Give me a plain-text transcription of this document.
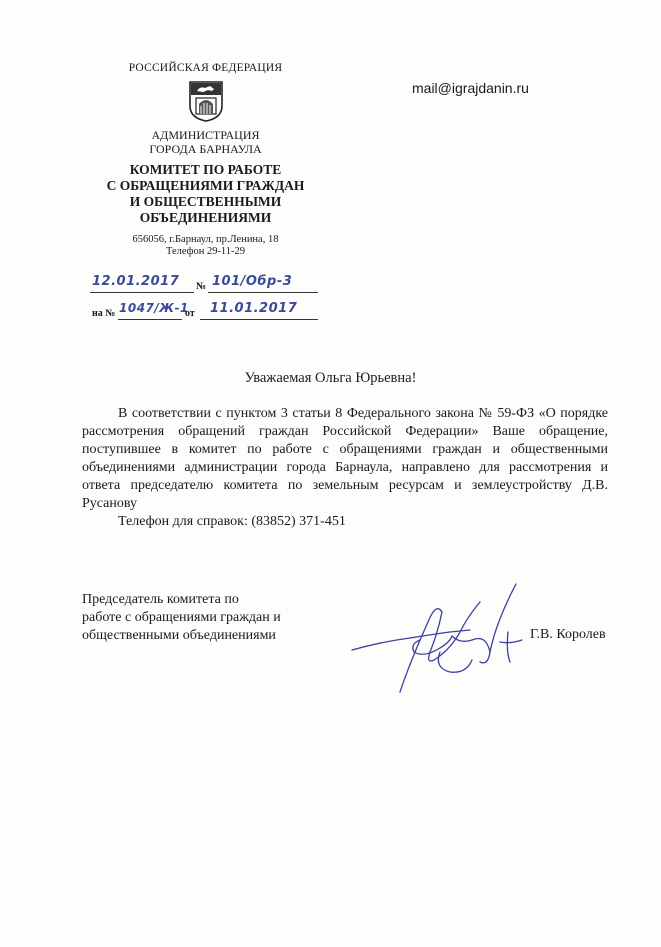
РОССИЙСКАЯ ФЕДЕРАЦИЯ
АДМИНИСТРАЦИЯ
ГОРОДА БАРНАУЛА
КОМИТЕТ ПО РАБОТЕ
С ОБРАЩЕНИЯМИ ГРАЖДАН
И ОБЩЕСТВЕННЫМИ
ОБЪЕДИНЕНИЯМИ
656056, г.Барнаул, пр.Ленина, 18
Телефон 29-11-29
mail@igrajdanin.ru
12.01.2017 № 101/Обр-3
на № 1047/Ж-1
от 11.01.2017
Уважаемая Ольга Юрьевна!

В соответствии с пунктом 3 статьи 8 Федерального закона № 59-ФЗ «О порядке рассмотрения обращений граждан Российской Федерации» Ваше обращение, поступившее в комитет по работе с обращениями граждан и общественными объединениями администрации города Барнаула, направлено для рассмотрения и ответа председателю комитета по земельным ресурсам и землеустройству Д.В. Русанову

Телефон для справок: (83852) 371-451

Председатель комитета по
работе с обращениями граждан и
общественными объединениями	Г.В. Королев
